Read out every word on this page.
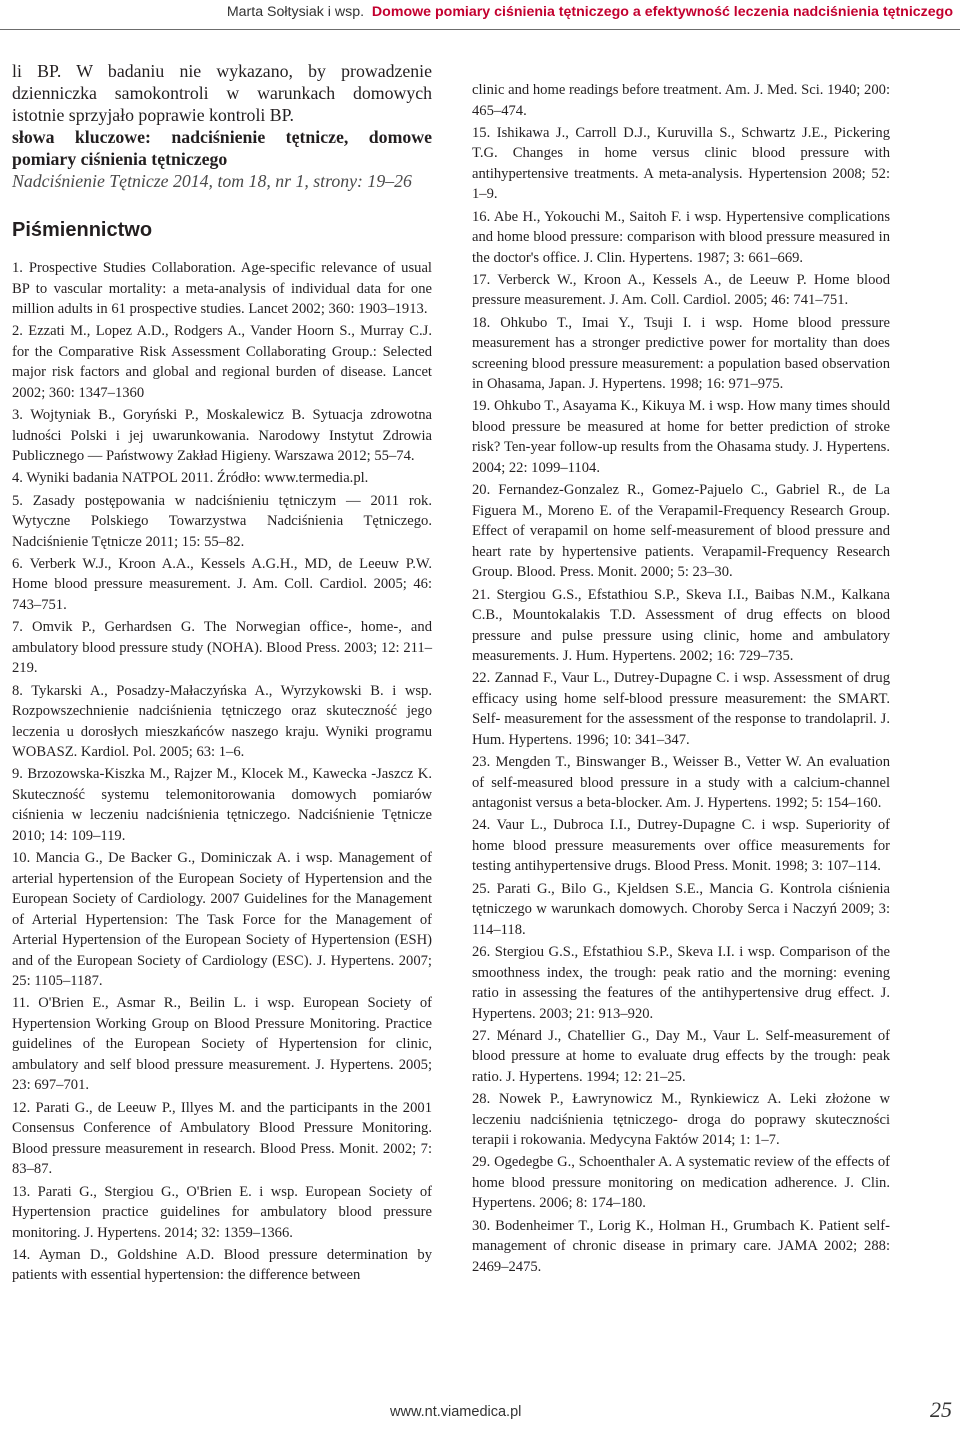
Marta Sołtysiak i wsp. Domowe pomiary ciśnienia tętniczego a efektywność leczenia nadciśnienia tętniczego

li BP. W badaniu nie wykazano, by prowadzenie dzienniczka samokontroli w warunkach domowych istotnie sprzyjało poprawie kontroli BP.

słowa kluczowe: nadciśnienie tętnicze, domowe pomiary ciśnienia tętniczego

Nadciśnienie Tętnicze 2014, tom 18, nr 1, strony: 19–26

Piśmiennictwo
1. Prospective Studies Collaboration. Age-specific relevance of usual BP to vascular mortality: a meta-analysis of individual data for one million adults in 61 prospective studies. Lancet 2002; 360: 1903–1913.
2. Ezzati M., Lopez A.D., Rodgers A., Vander Hoorn S., Murray C.J. for the Comparative Risk Assessment Collaborating Group.: Selected major risk factors and global and regional burden of disease. Lancet 2002; 360: 1347–1360
3. Wojtyniak B., Goryński P., Moskalewicz B. Sytuacja zdrowotna ludności Polski i jej uwarunkowania. Narodowy Instytut Zdrowia Publicznego — Państwowy Zakład Higieny. Warszawa 2012; 55–74.
4. Wyniki badania NATPOL 2011. Źródło: www.termedia.pl.
5. Zasady postępowania w nadciśnieniu tętniczym — 2011 rok. Wytyczne Polskiego Towarzystwa Nadciśnienia Tętniczego. Nadciśnienie Tętnicze 2011; 15: 55–82.
6. Verberk W.J., Kroon A.A., Kessels A.G.H., MD, de Leeuw P.W. Home blood pressure measurement. J. Am. Coll. Cardiol. 2005; 46: 743–751.
7. Omvik P., Gerhardsen G. The Norwegian office-, home-, and ambulatory blood pressure study (NOHA). Blood Press. 2003; 12: 211–219.
8. Tykarski A., Posadzy-Małaczyńska A., Wyrzykowski B. i wsp. Rozpowszechnienie nadciśnienia tętniczego oraz skuteczność jego leczenia u dorosłych mieszkańców naszego kraju. Wyniki programu WOBASZ. Kardiol. Pol. 2005; 63: 1–6.
9. Brzozowska-Kiszka M., Rajzer M., Klocek M., Kawecka -Jaszcz K. Skuteczność systemu telemonitorowania domowych pomiarów ciśnienia w leczeniu nadciśnienia tętniczego. Nadciśnienie Tętnicze 2010; 14: 109–119.
10. Mancia G., De Backer G., Dominiczak A. i wsp. Management of arterial hypertension of the European Society of Hypertension and the European Society of Cardiology. 2007 Guidelines for the Management of Arterial Hypertension: The Task Force for the Management of Arterial Hypertension of the European Society of Hypertension (ESH) and of the European Society of Cardiology (ESC). J. Hypertens. 2007; 25: 1105–1187.
11. O'Brien E., Asmar R., Beilin L. i wsp. European Society of Hypertension Working Group on Blood Pressure Monitoring. Practice guidelines of the European Society of Hypertension for clinic, ambulatory and self blood pressure measurement. J. Hypertens. 2005; 23: 697–701.
12. Parati G., de Leeuw P., Illyes M. and the participants in the 2001 Consensus Conference of Ambulatory Blood Pressure Monitoring. Blood pressure measurement in research. Blood Press. Monit. 2002; 7: 83–87.
13. Parati G., Stergiou G., O'Brien E. i wsp. European Society of Hypertension practice guidelines for ambulatory blood pressure monitoring. J. Hypertens. 2014; 32: 1359–1366.
14. Ayman D., Goldshine A.D. Blood pressure determination by patients with essential hypertension: the difference between
clinic and home readings before treatment. Am. J. Med. Sci. 1940; 200: 465–474.
15. Ishikawa J., Carroll D.J., Kuruvilla S., Schwartz J.E., Pickering T.G. Changes in home versus clinic blood pressure with antihypertensive treatments. A meta-analysis. Hypertension 2008; 52: 1–9.
16. Abe H., Yokouchi M., Saitoh F. i wsp. Hypertensive complications and home blood pressure: comparison with blood pressure measured in the doctor's office. J. Clin. Hypertens. 1987; 3: 661–669.
17. Verberck W., Kroon A., Kessels A., de Leeuw P. Home blood pressure measurement. J. Am. Coll. Cardiol. 2005; 46: 741–751.
18. Ohkubo T., Imai Y., Tsuji I. i wsp. Home blood pressure measurement has a stronger predictive power for mortality than does screening blood pressure measurement: a population based observation in Ohasama, Japan. J. Hypertens. 1998; 16: 971–975.
19. Ohkubo T., Asayama K., Kikuya M. i wsp. How many times should blood pressure be measured at home for better prediction of stroke risk? Ten-year follow-up results from the Ohasama study. J. Hypertens. 2004; 22: 1099–1104.
20. Fernandez-Gonzalez R., Gomez-Pajuelo C., Gabriel R., de La Figuera M., Moreno E. of the Verapamil-Frequency Research Group. Effect of verapamil on home self-measurement of blood pressure and heart rate by hypertensive patients. Verapamil-Frequency Research Group. Blood. Press. Monit. 2000; 5: 23–30.
21. Stergiou G.S., Efstathiou S.P., Skeva I.I., Baibas N.M., Kalkana C.B., Mountokalakis T.D. Assessment of drug effects on blood pressure and pulse pressure using clinic, home and ambulatory measurements. J. Hum. Hypertens. 2002; 16: 729–735.
22. Zannad F., Vaur L., Dutrey-Dupagne C. i wsp. Assessment of drug efficacy using home self-blood pressure measurement: the SMART. Self- measurement for the assessment of the response to trandolapril. J. Hum. Hypertens. 1996; 10: 341–347.
23. Mengden T., Binswanger B., Weisser B., Vetter W. An evaluation of self-measured blood pressure in a study with a calcium-channel antagonist versus a beta-blocker. Am. J. Hypertens. 1992; 5: 154–160.
24. Vaur L., Dubroca I.I., Dutrey-Dupagne C. i wsp. Superiority of home blood pressure measurements over office measurements for testing antihypertensive drugs. Blood Press. Monit. 1998; 3: 107–114.
25. Parati G., Bilo G., Kjeldsen S.E., Mancia G. Kontrola ciśnienia tętniczego w warunkach domowych. Choroby Serca i Naczyń 2009; 3: 114–118.
26. Stergiou G.S., Efstathiou S.P., Skeva I.I. i wsp. Comparison of the smoothness index, the trough: peak ratio and the morning: evening ratio in assessing the features of the antihypertensive drug effect. J. Hypertens. 2003; 21: 913–920.
27. Ménard J., Chatellier G., Day M., Vaur L. Self-measurement of blood pressure at home to evaluate drug effects by the trough: peak ratio. J. Hypertens. 1994; 12: 21–25.
28. Nowek P., Ławrynowicz M., Rynkiewicz A. Leki złożone w leczeniu nadciśnienia tętniczego- droga do poprawy skuteczności terapii i rokowania. Medycyna Faktów 2014; 1: 1–7.
29. Ogedegbe G., Schoenthaler A. A systematic review of the effects of home blood pressure monitoring on medication adherence. J. Clin. Hypertens. 2006; 8: 174–180.
30. Bodenheimer T., Lorig K., Holman H., Grumbach K. Patient self-management of chronic disease in primary care. JAMA 2002; 288: 2469–2475.
www.nt.viamedica.pl	25
